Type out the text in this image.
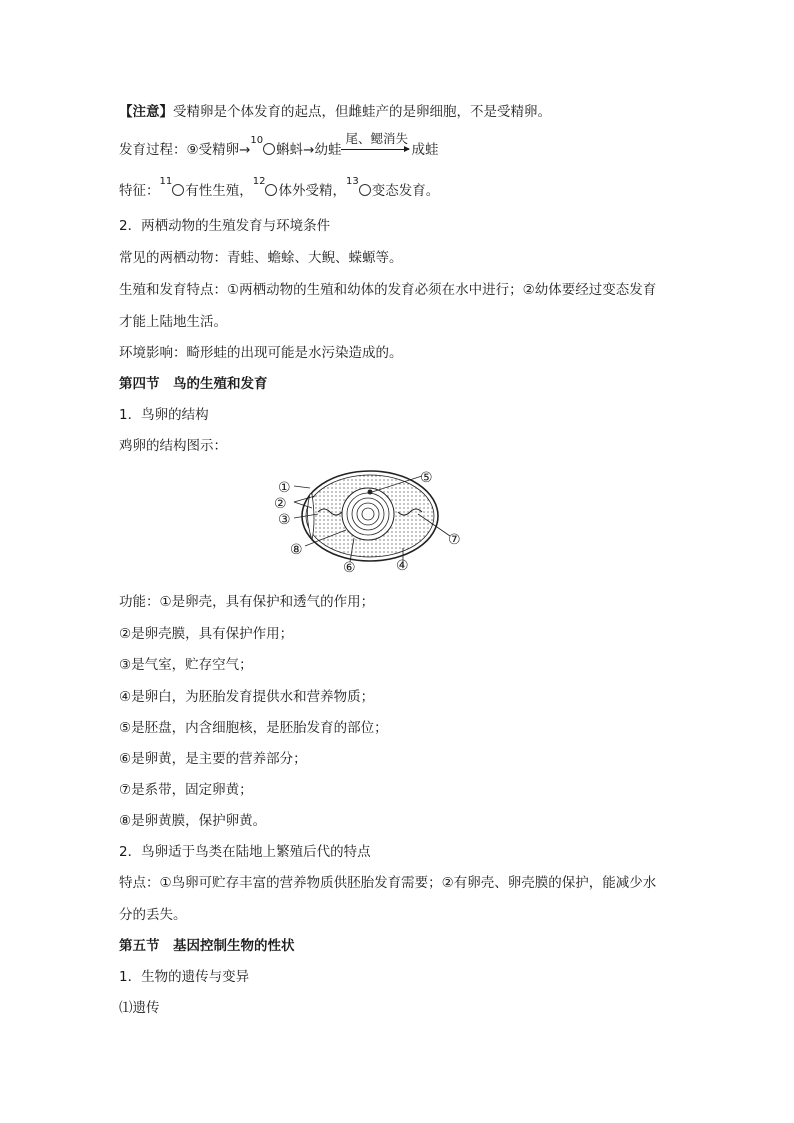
【注意】受精卵是个体发育的起点，但雌蛙产的是卵细胞，不是受精卵。
发育过程：⑨受精卵→$^{10}$蝌蚪→幼蛙
尾、鳃消失
成蛙
特征：$^{11}$有性生殖，$^{12}$体外受精，$^{13}$变态发育。
2．两栖动物的生殖发育与环境条件
常见的两栖动物：青蛙、蟾蜍、大鲵、蝾螈等。
生殖和发育特点：①两栖动物的生殖和幼体的发育必须在水中进行；②幼体要经过变态发育
才能上陆地生活。
环境影响：畸形蛙的出现可能是水污染造成的。
第四节　鸟的生殖和发育
1．鸟卵的结构
鸡卵的结构图示：
①
②
③
⑤
⑦
⑧
⑥	④
功能：①是卵壳，具有保护和透气的作用；
②是卵壳膜，具有保护作用；
③是气室，贮存空气；
④是卵白，为胚胎发育提供水和营养物质；
⑤是胚盘，内含细胞核，是胚胎发育的部位；
⑥是卵黄，是主要的营养部分；
⑦是系带，固定卵黄；
⑧是卵黄膜，保护卵黄。
2．鸟卵适于鸟类在陆地上繁殖后代的特点
特点：①鸟卵可贮存丰富的营养物质供胚胎发育需要；②有卵壳、卵壳膜的保护，能减少水
分的丢失。
第五节　基因控制生物的性状
1．生物的遗传与变异
⑴遗传
